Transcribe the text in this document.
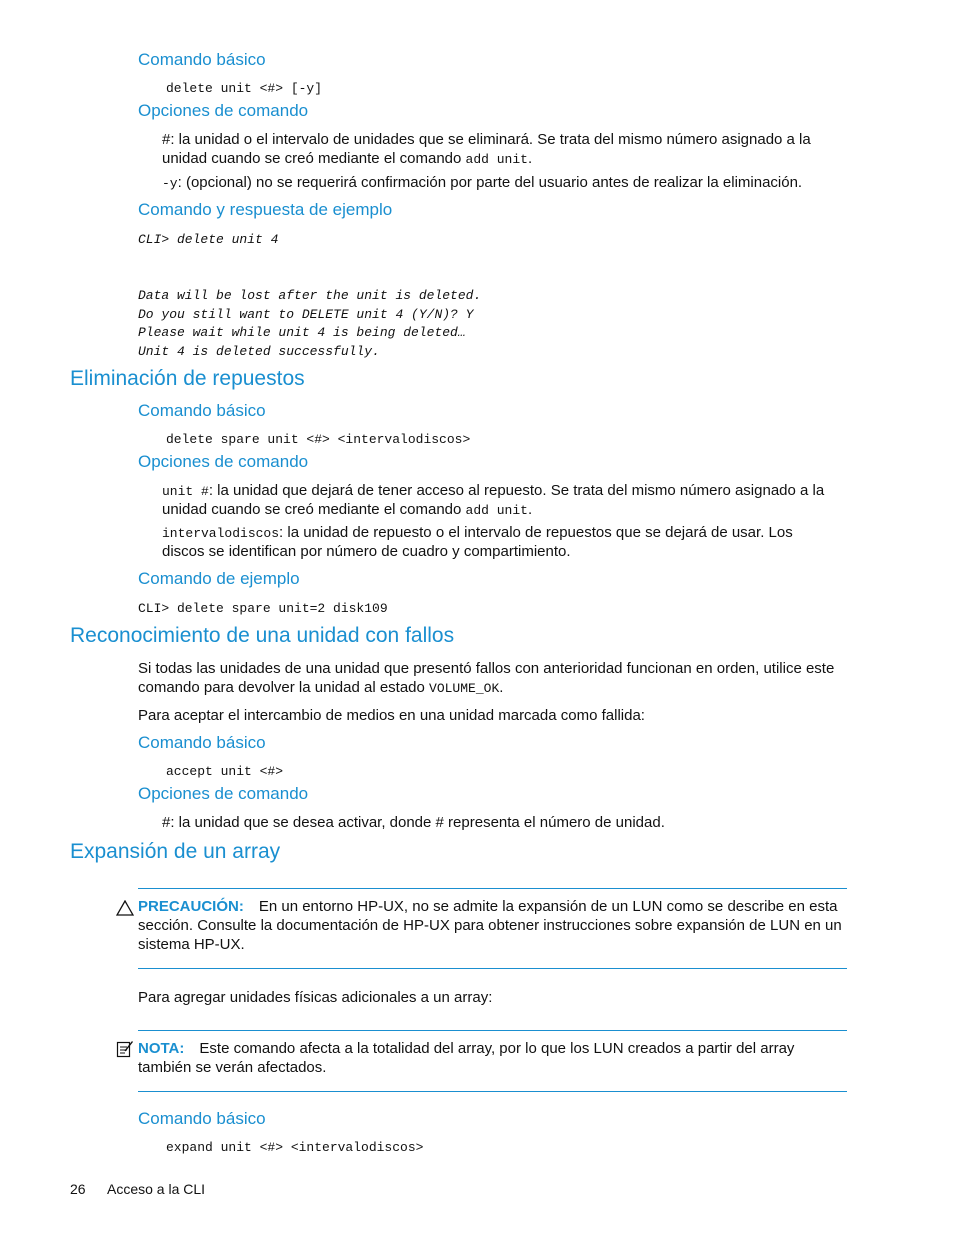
Comando básico
delete unit <#> [-y]
Opciones de comando
#: la unidad o el intervalo de unidades que se eliminará. Se trata del mismo número asignado a la
unidad cuando se creó mediante el comando add unit.
-y: (opcional) no se requerirá confirmación por parte del usuario antes de realizar la eliminación.
Comando y respuesta de ejemplo
CLI> delete unit 4
Data will be lost after the unit is deleted.
Do you still want to DELETE unit 4 (Y/N)? Y
Please wait while unit 4 is being deleted…
Unit 4 is deleted successfully.
Eliminación de repuestos
Comando básico
delete spare unit <#> <intervalodiscos>
Opciones de comando
unit #: la unidad que dejará de tener acceso al repuesto. Se trata del mismo número asignado a la
unidad cuando se creó mediante el comando add unit.
intervalodiscos: la unidad de repuesto o el intervalo de repuestos que se dejará de usar. Los
discos se identifican por número de cuadro y compartimiento.
Comando de ejemplo
CLI> delete spare unit=2 disk109
Reconocimiento de una unidad con fallos
Si todas las unidades de una unidad que presentó fallos con anterioridad funcionan en orden, utilice este
comando para devolver la unidad al estado VOLUME_OK.
Para aceptar el intercambio de medios en una unidad marcada como fallida:
Comando básico
accept unit <#>
Opciones de comando
#: la unidad que se desea activar, donde # representa el número de unidad.
Expansión de un array
PRECAUCIÓN: En un entorno HP-UX, no se admite la expansión de un LUN como se describe en esta
sección. Consulte la documentación de HP-UX para obtener instrucciones sobre expansión de LUN en un
sistema HP-UX.
Para agregar unidades físicas adicionales a un array:
NOTA: Este comando afecta a la totalidad del array, por lo que los LUN creados a partir del array
también se verán afectados.
Comando básico
expand unit <#> <intervalodiscos>
26 Acceso a la CLI
